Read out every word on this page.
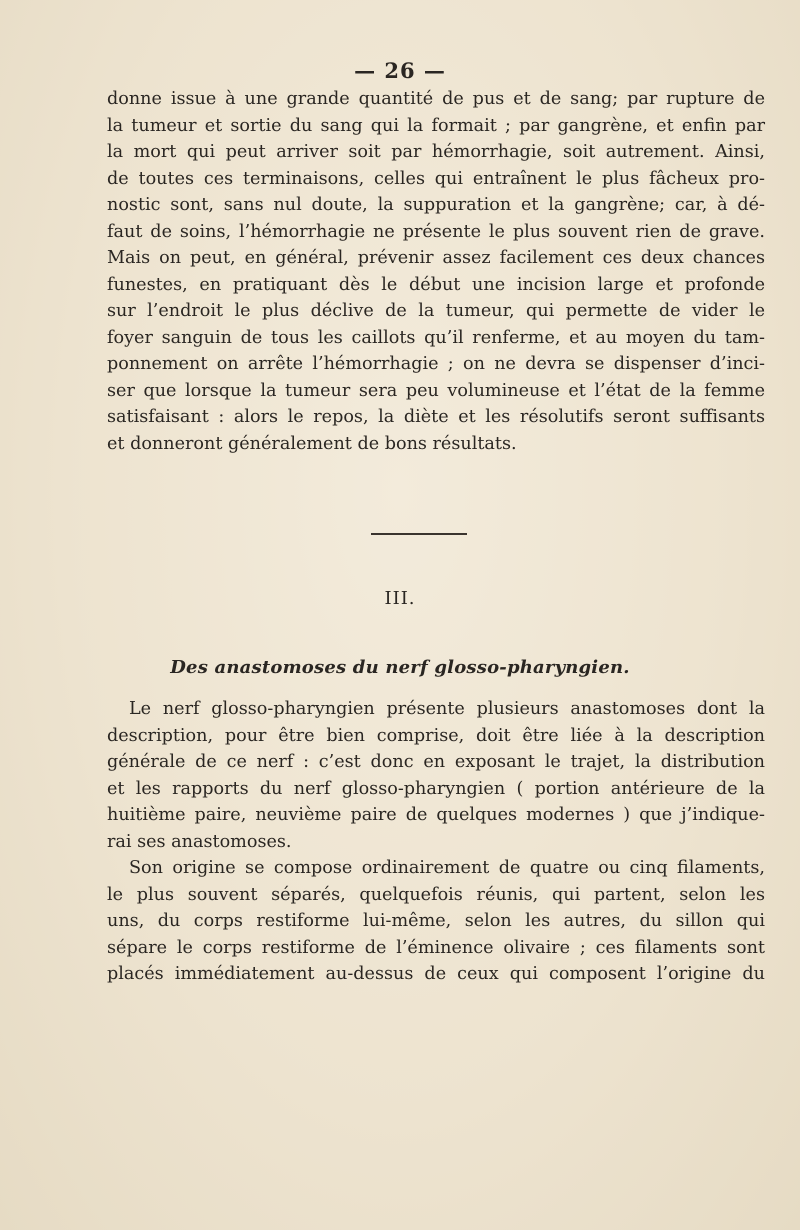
— 26 —
donne issue à une grande quantité de pus et de sang; par rupture de
la tumeur et sortie du sang qui la formait ; par gangrène, et enfin par
la mort qui peut arriver soit par hémorrhagie, soit autrement. Ainsi,
de toutes ces terminaisons, celles qui entraînent le plus fâcheux pro-
nostic sont, sans nul doute, la suppuration et la gangrène; car, à dé-
faut de soins, l’hémorrhagie ne présente le plus souvent rien de grave.
Mais on peut, en général, prévenir assez facilement ces deux chances
funestes, en pratiquant dès le début une incision large et profonde
sur l’endroit le plus déclive de la tumeur, qui permette de vider le
foyer sanguin de tous les caillots qu’il renferme, et au moyen du tam-
ponnement on arrête l’hémorrhagie ; on ne devra se dispenser d’inci-
ser que lorsque la tumeur sera peu volumineuse et l’état de la femme
satisfaisant : alors le repos, la diète et les résolutifs seront suffisants
et donneront généralement de bons résultats.
III.
Des anastomoses du nerf glosso-pharyngien.
Le nerf glosso-pharyngien présente plusieurs anastomoses dont la
description, pour être bien comprise, doit être liée à la description
générale de ce nerf : c’est donc en exposant le trajet, la distribution
et les rapports du nerf glosso-pharyngien ( portion antérieure de la
huitième paire, neuvième paire de quelques modernes ) que j’indique-
rai ses anastomoses.
Son origine se compose ordinairement de quatre ou cinq filaments,
le plus souvent séparés, quelquefois réunis, qui partent, selon les
uns, du corps restiforme lui-même, selon les autres, du sillon qui
sépare le corps restiforme de l’éminence olivaire ; ces filaments sont
placés immédiatement au-dessus de ceux qui composent l’origine du
